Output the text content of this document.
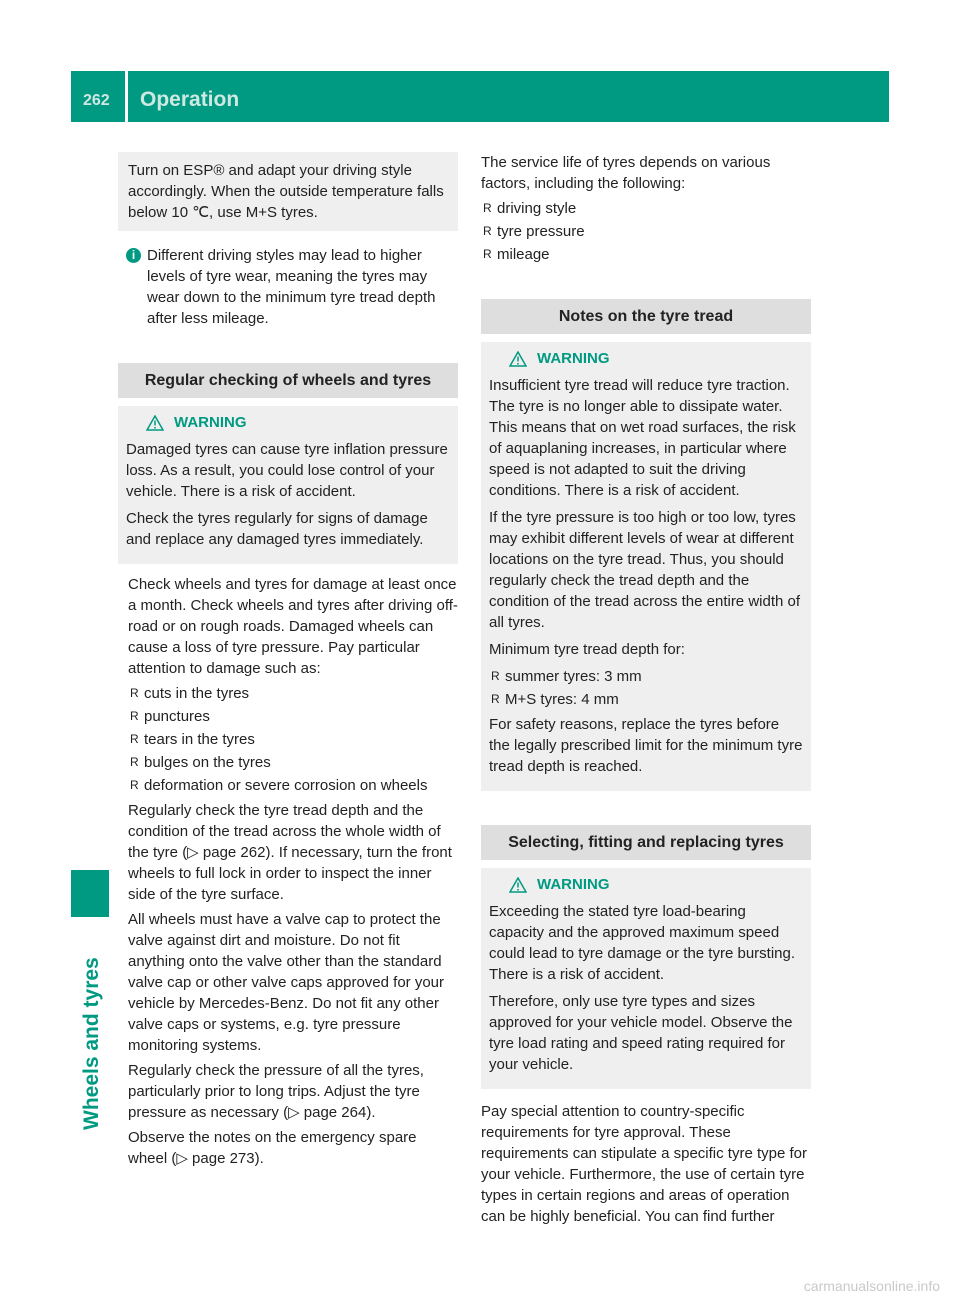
262 Operation
Wheels and tyres

Turn on ESP® and adapt your driving style accordingly. When the outside temperature falls below 10 ℃, use M+S tyres.

i Different driving styles may lead to higher levels of tyre wear, meaning the tyres may wear down to the minimum tyre tread depth after less mileage.

Regular checking of wheels and tyres
WARNING

Damaged tyres can cause tyre inflation pressure loss. As a result, you could lose control of your vehicle. There is a risk of accident.

Check the tyres regularly for signs of damage and replace any damaged tyres immediately.

Check wheels and tyres for damage at least once a month. Check wheels and tyres after driving off-road or on rough roads. Damaged wheels can cause a loss of tyre pressure. Pay particular attention to damage such as:

R cuts in the tyres
R punctures
R tears in the tyres
R bulges on the tyres
R deformation or severe corrosion on wheels

Regularly check the tyre tread depth and the condition of the tread across the whole width of the tyre (▷ page 262). If necessary, turn the front wheels to full lock in order to inspect the inner side of the tyre surface.

All wheels must have a valve cap to protect the valve against dirt and moisture. Do not fit anything onto the valve other than the standard valve cap or other valve caps approved for your vehicle by Mercedes-Benz. Do not fit any other valve caps or systems, e.g. tyre pressure monitoring systems.

Regularly check the pressure of all the tyres, particularly prior to long trips. Adjust the tyre pressure as necessary (▷ page 264).

Observe the notes on the emergency spare wheel (▷ page 273).

The service life of tyres depends on various factors, including the following:

R driving style
R tyre pressure
R mileage
Notes on the tyre tread
WARNING

Insufficient tyre tread will reduce tyre traction. The tyre is no longer able to dissipate water. This means that on wet road surfaces, the risk of aquaplaning increases, in particular where speed is not adapted to suit the driving conditions. There is a risk of accident.

If the tyre pressure is too high or too low, tyres may exhibit different levels of wear at different locations on the tyre tread. Thus, you should regularly check the tread depth and the condition of the tread across the entire width of all tyres.

Minimum tyre tread depth for:

R summer tyres: 3 mm
R M+S tyres: 4 mm

For safety reasons, replace the tyres before the legally prescribed limit for the minimum tyre tread depth is reached.

Selecting, fitting and replacing tyres
WARNING

Exceeding the stated tyre load-bearing capacity and the approved maximum speed could lead to tyre damage or the tyre bursting. There is a risk of accident.

Therefore, only use tyre types and sizes approved for your vehicle model. Observe the tyre load rating and speed rating required for your vehicle.

Pay special attention to country-specific requirements for tyre approval. These requirements can stipulate a specific tyre type for your vehicle. Furthermore, the use of certain tyre types in certain regions and areas of operation can be highly beneficial. You can find further

carmanualsonline.info
